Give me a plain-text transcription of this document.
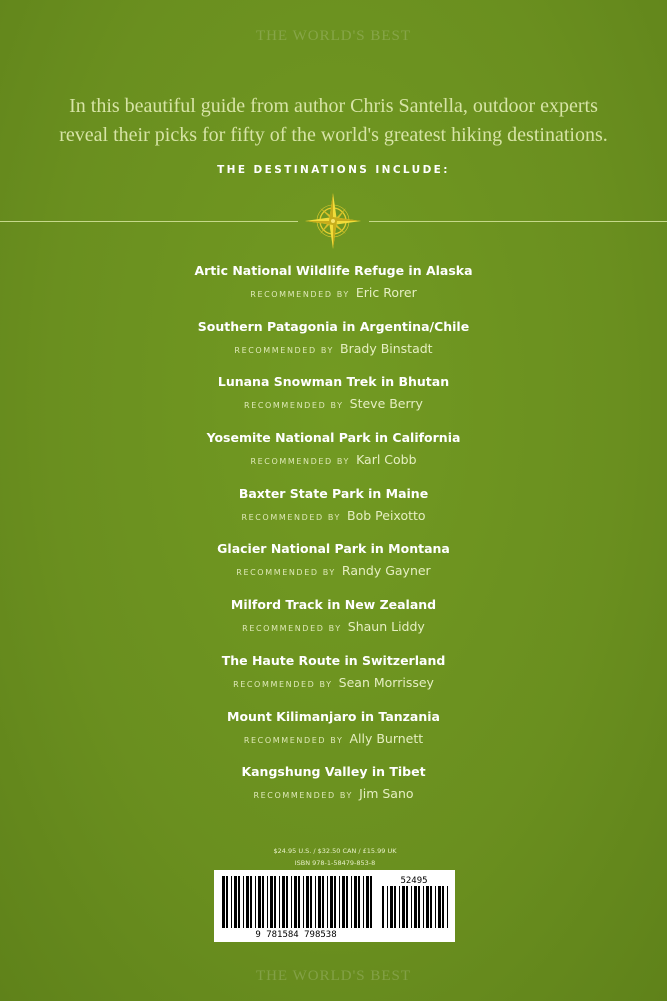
THE WORLD'S BEST
In this beautiful guide from author Chris Santella, outdoor experts
reveal their picks for fifty of the world's greatest hiking destinations.
THE DESTINATIONS INCLUDE:
Artic National Wildlife Refuge in Alaska
RECOMMENDED BY Eric Rorer
Southern Patagonia in Argentina/Chile
RECOMMENDED BY Brady Binstadt
Lunana Snowman Trek in Bhutan
RECOMMENDED BY Steve Berry
Yosemite National Park in California
RECOMMENDED BY Karl Cobb
Baxter State Park in Maine
RECOMMENDED BY Bob Peixotto
Glacier National Park in Montana
RECOMMENDED BY Randy Gayner
Milford Track in New Zealand
RECOMMENDED BY Shaun Liddy
The Haute Route in Switzerland
RECOMMENDED BY Sean Morrissey
Mount Kilimanjaro in Tanzania
RECOMMENDED BY Ally Burnett
Kangshung Valley in Tibet
RECOMMENDED BY Jim Sano
$24.95 U.S. / $32.50 CAN / £15.99 UK
ISBN 978-1-58479-853-8
52495
9 781584 798538
THE WORLD'S BEST
